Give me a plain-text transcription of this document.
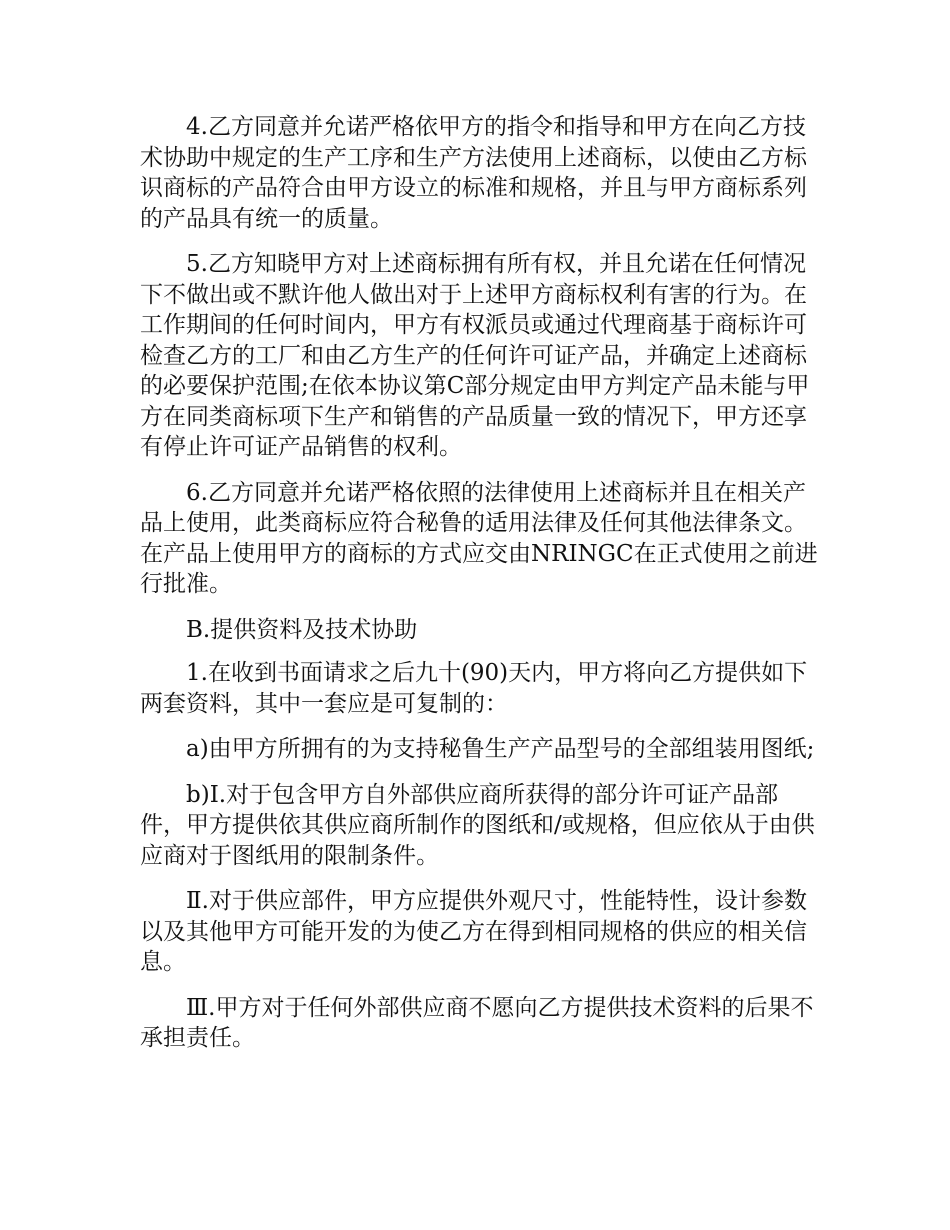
4.乙方同意并允诺严格依甲方的指令和指导和甲方在向乙方技术协助中规定的生产工序和生产方法使用上述商标，以使由乙方标识商标的产品符合由甲方设立的标准和规格，并且与甲方商标系列的产品具有统一的质量。

5.乙方知晓甲方对上述商标拥有所有权，并且允诺在任何情况下不做出或不默许他人做出对于上述甲方商标权利有害的行为。在工作期间的任何时间内，甲方有权派员或通过代理商基于商标许可检查乙方的工厂和由乙方生产的任何许可证产品，并确定上述商标的必要保护范围;在依本协议第C部分规定由甲方判定产品未能与甲方在同类商标项下生产和销售的产品质量一致的情况下，甲方还享有停止许可证产品销售的权利。

6.乙方同意并允诺严格依照的法律使用上述商标并且在相关产品上使用，此类商标应符合秘鲁的适用法律及任何其他法律条文。在产品上使用甲方的商标的方式应交由NRINGC在正式使用之前进行批准。

B.提供资料及技术协助

1.在收到书面请求之后九十(90)天内，甲方将向乙方提供如下两套资料，其中一套应是可复制的：

a)由甲方所拥有的为支持秘鲁生产产品型号的全部组装用图纸;

b)Ⅰ.对于包含甲方自外部供应商所获得的部分许可证产品部件，甲方提供依其供应商所制作的图纸和/或规格，但应依从于由供应商对于图纸用的限制条件。

Ⅱ.对于供应部件，甲方应提供外观尺寸，性能特性，设计参数以及其他甲方可能开发的为使乙方在得到相同规格的供应的相关信息。

Ⅲ.甲方对于任何外部供应商不愿向乙方提供技术资料的后果不承担责任。
